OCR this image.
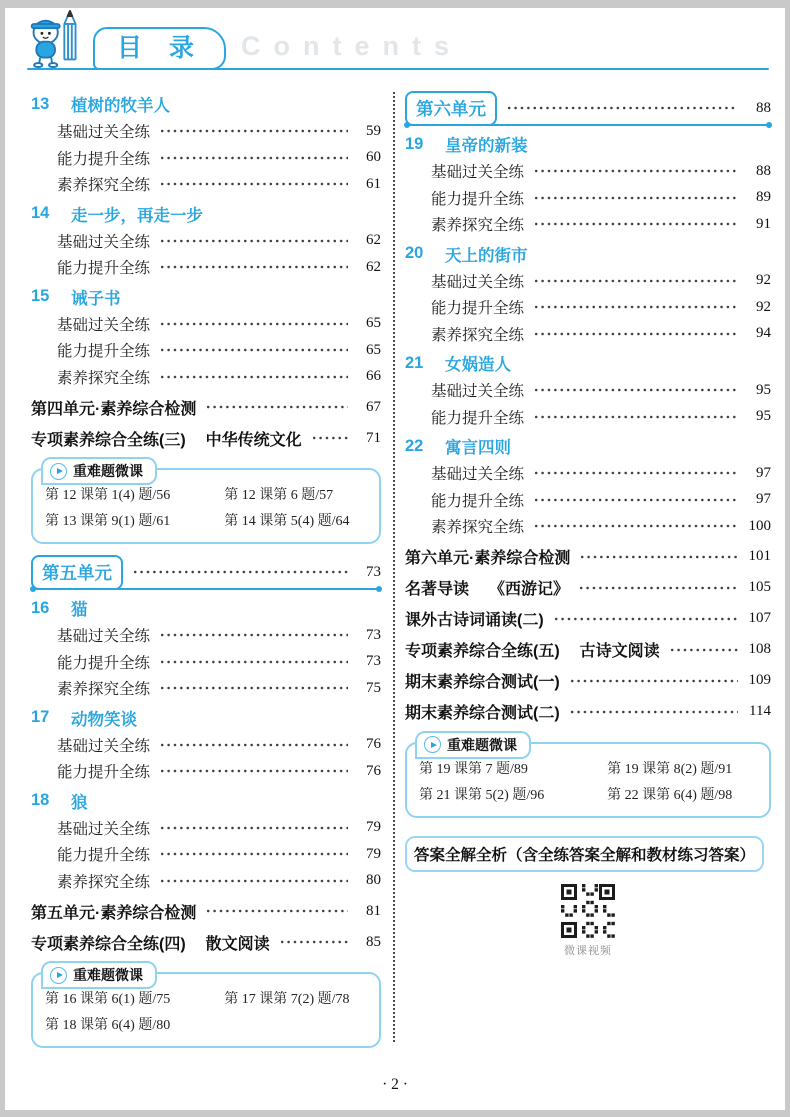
目 录	Contents
13	植树的牧羊人
基础过关全练	59
能力提升全练	60
素养探究全练	61
14	走一步，再走一步
基础过关全练	62
能力提升全练	62
15	诫子书
基础过关全练	65
能力提升全练	65
素养探究全练	66
第四单元·素养综合检测	67
专项素养综合全练(三) 中华传统文化	71
重难题微课
第 12 课第 1(4) 题/56	第 12 课第 6 题/57
第 13 课第 9(1) 题/61	第 14 课第 5(4) 题/64
第五单元	73
16	猫
基础过关全练	73
能力提升全练	73
素养探究全练	75
17	动物笑谈
基础过关全练	76
能力提升全练	76
18	狼
基础过关全练	79
能力提升全练	79
素养探究全练	80
第五单元·素养综合检测	81
专项素养综合全练(四) 散文阅读	85
重难题微课
第 16 课第 6(1) 题/75	第 17 课第 7(2) 题/78
第 18 课第 6(4) 题/80
第六单元	88
19	皇帝的新装
基础过关全练	88
能力提升全练	89
素养探究全练	91
20	天上的街市
基础过关全练	92
能力提升全练	92
素养探究全练	94
21	女娲造人
基础过关全练	95
能力提升全练	95
22	寓言四则
基础过关全练	97
能力提升全练	97
素养探究全练	100
第六单元·素养综合检测	101
名著导读 《西游记》	105
课外古诗词诵读(二)	107
专项素养综合全练(五) 古诗文阅读	108
期末素养综合测试(一)	109
期末素养综合测试(二)	114
重难题微课
第 19 课第 7 题/89	第 19 课第 8(2) 题/91
第 21 课第 5(2) 题/96	第 22 课第 6(4) 题/98
答案全解全析（含全练答案全解和教材练习答案）
微课视频
· 2 ·
